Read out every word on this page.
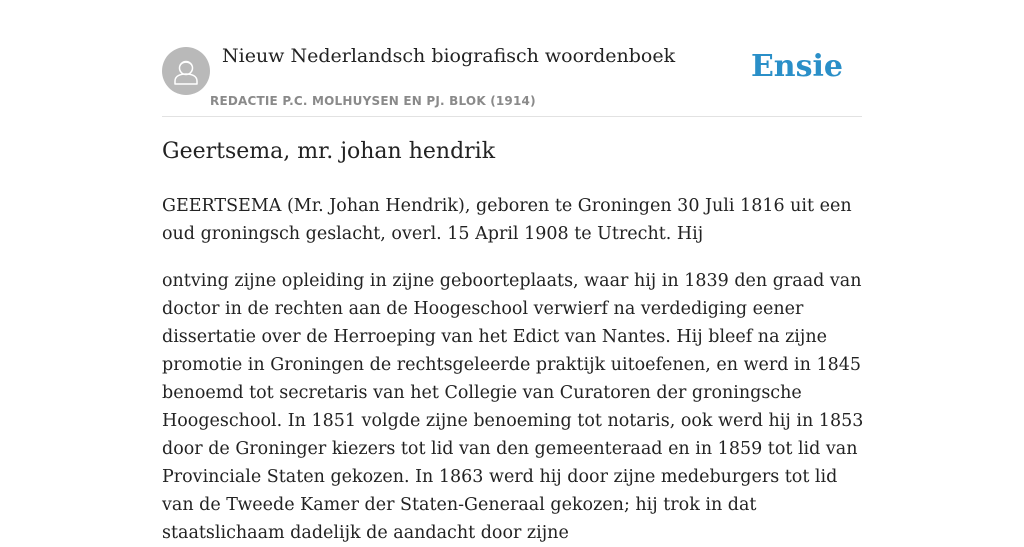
Nieuw Nederlandsch biografisch woordenboek
REDACTIE P.C. MOLHUYSEN EN PJ. BLOK (1914)
Ensie
Geertsema, mr. johan hendrik

GEERTSEMA (Mr. Johan Hendrik), geboren te Groningen 30 Juli 1816 uit een oud groningsch geslacht, overl. 15 April 1908 te Utrecht. Hij

ontving zijne opleiding in zijne geboorteplaats, waar hij in 1839 den graad van doctor in de rechten aan de Hoogeschool verwierf na verdediging eener dissertatie over de Herroeping van het Edict van Nantes. Hij bleef na zijne promotie in Groningen de rechtsgeleerde praktijk uitoefenen, en werd in 1845 benoemd tot secretaris van het Collegie van Curatoren der groningsche Hoogeschool. In 1851 volgde zijne benoeming tot notaris, ook werd hij in 1853 door de Groninger kiezers tot lid van den gemeenteraad en in 1859 tot lid van Provinciale Staten gekozen. In 1863 werd hij door zijne medeburgers tot lid van de Tweede Kamer der Staten-Generaal gekozen; hij trok in dat staatslichaam dadelijk de aandacht door zijne
